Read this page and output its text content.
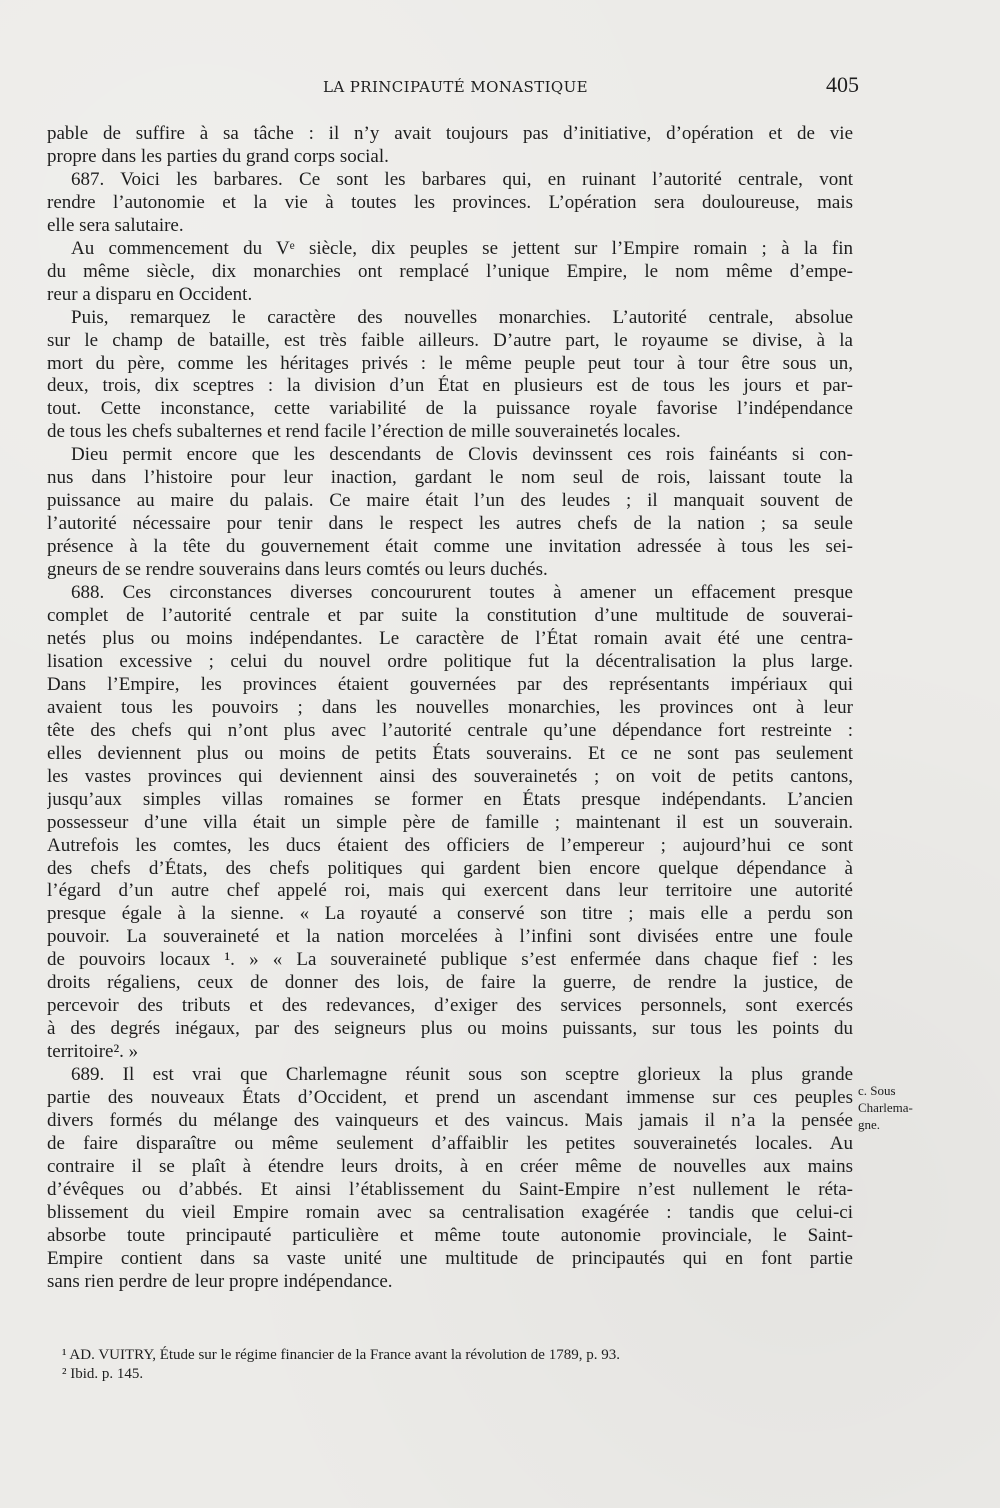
LA PRINCIPAUTÉ MONASTIQUE	405
pable de suffire à sa tâche : il n’y avait toujours pas d’initiative, d’opération et de vie
propre dans les parties du grand corps social.
687. Voici les barbares. Ce sont les barbares qui, en ruinant l’autorité centrale, vont
rendre l’autonomie et la vie à toutes les provinces. L’opération sera douloureuse, mais
elle sera salutaire.
Au commencement du Vᵉ siècle, dix peuples se jettent sur l’Empire romain ; à la fin
du même siècle, dix monarchies ont remplacé l’unique Empire, le nom même d’empe-
reur a disparu en Occident.
Puis, remarquez le caractère des nouvelles monarchies. L’autorité centrale, absolue
sur le champ de bataille, est très faible ailleurs. D’autre part, le royaume se divise, à la
mort du père, comme les héritages privés : le même peuple peut tour à tour être sous un,
deux, trois, dix sceptres : la division d’un État en plusieurs est de tous les jours et par-
tout. Cette inconstance, cette variabilité de la puissance royale favorise l’indépendance
de tous les chefs subalternes et rend facile l’érection de mille souverainetés locales.
Dieu permit encore que les descendants de Clovis devinssent ces rois fainéants si con-
nus dans l’histoire pour leur inaction, gardant le nom seul de rois, laissant toute la
puissance au maire du palais. Ce maire était l’un des leudes ; il manquait souvent de
l’autorité nécessaire pour tenir dans le respect les autres chefs de la nation ; sa seule
présence à la tête du gouvernement était comme une invitation adressée à tous les sei-
gneurs de se rendre souverains dans leurs comtés ou leurs duchés.
688. Ces circonstances diverses concoururent toutes à amener un effacement presque
complet de l’autorité centrale et par suite la constitution d’une multitude de souverai-
netés plus ou moins indépendantes. Le caractère de l’État romain avait été une centra-
lisation excessive ; celui du nouvel ordre politique fut la décentralisation la plus large.
Dans l’Empire, les provinces étaient gouvernées par des représentants impériaux qui
avaient tous les pouvoirs ; dans les nouvelles monarchies, les provinces ont à leur
tête des chefs qui n’ont plus avec l’autorité centrale qu’une dépendance fort restreinte :
elles deviennent plus ou moins de petits États souverains. Et ce ne sont pas seulement
les vastes provinces qui deviennent ainsi des souverainetés ; on voit de petits cantons,
jusqu’aux simples villas romaines se former en États presque indépendants. L’ancien
possesseur d’une villa était un simple père de famille ; maintenant il est un souverain.
Autrefois les comtes, les ducs étaient des officiers de l’empereur ; aujourd’hui ce sont
des chefs d’États, des chefs politiques qui gardent bien encore quelque dépendance à
l’égard d’un autre chef appelé roi, mais qui exercent dans leur territoire une autorité
presque égale à la sienne. « La royauté a conservé son titre ; mais elle a perdu son
pouvoir. La souveraineté et la nation morcelées à l’infini sont divisées entre une foule
de pouvoirs locaux ¹. » « La souveraineté publique s’est enfermée dans chaque fief : les
droits régaliens, ceux de donner des lois, de faire la guerre, de rendre la justice, de
percevoir des tributs et des redevances, d’exiger des services personnels, sont exercés
à des degrés inégaux, par des seigneurs plus ou moins puissants, sur tous les points du
territoire². »
689. Il est vrai que Charlemagne réunit sous son sceptre glorieux la plus grande
partie des nouveaux États d’Occident, et prend un ascendant immense sur ces peuples
divers formés du mélange des vainqueurs et des vaincus. Mais jamais il n’a la pensée
de faire disparaître ou même seulement d’affaiblir les petites souverainetés locales. Au
contraire il se plaît à étendre leurs droits, à en créer même de nouvelles aux mains
d’évêques ou d’abbés. Et ainsi l’établissement du Saint-Empire n’est nullement le réta-
blissement du vieil Empire romain avec sa centralisation exagérée : tandis que celui-ci
absorbe toute principauté particulière et même toute autonomie provinciale, le Saint-
Empire contient dans sa vaste unité une multitude de principautés qui en font partie
sans rien perdre de leur propre indépendance.
c. Sous
Charlema-
gne.
¹ AD. VUITRY, Étude sur le régime financier de la France avant la révolution de 1789, p. 93.
² Ibid. p. 145.
